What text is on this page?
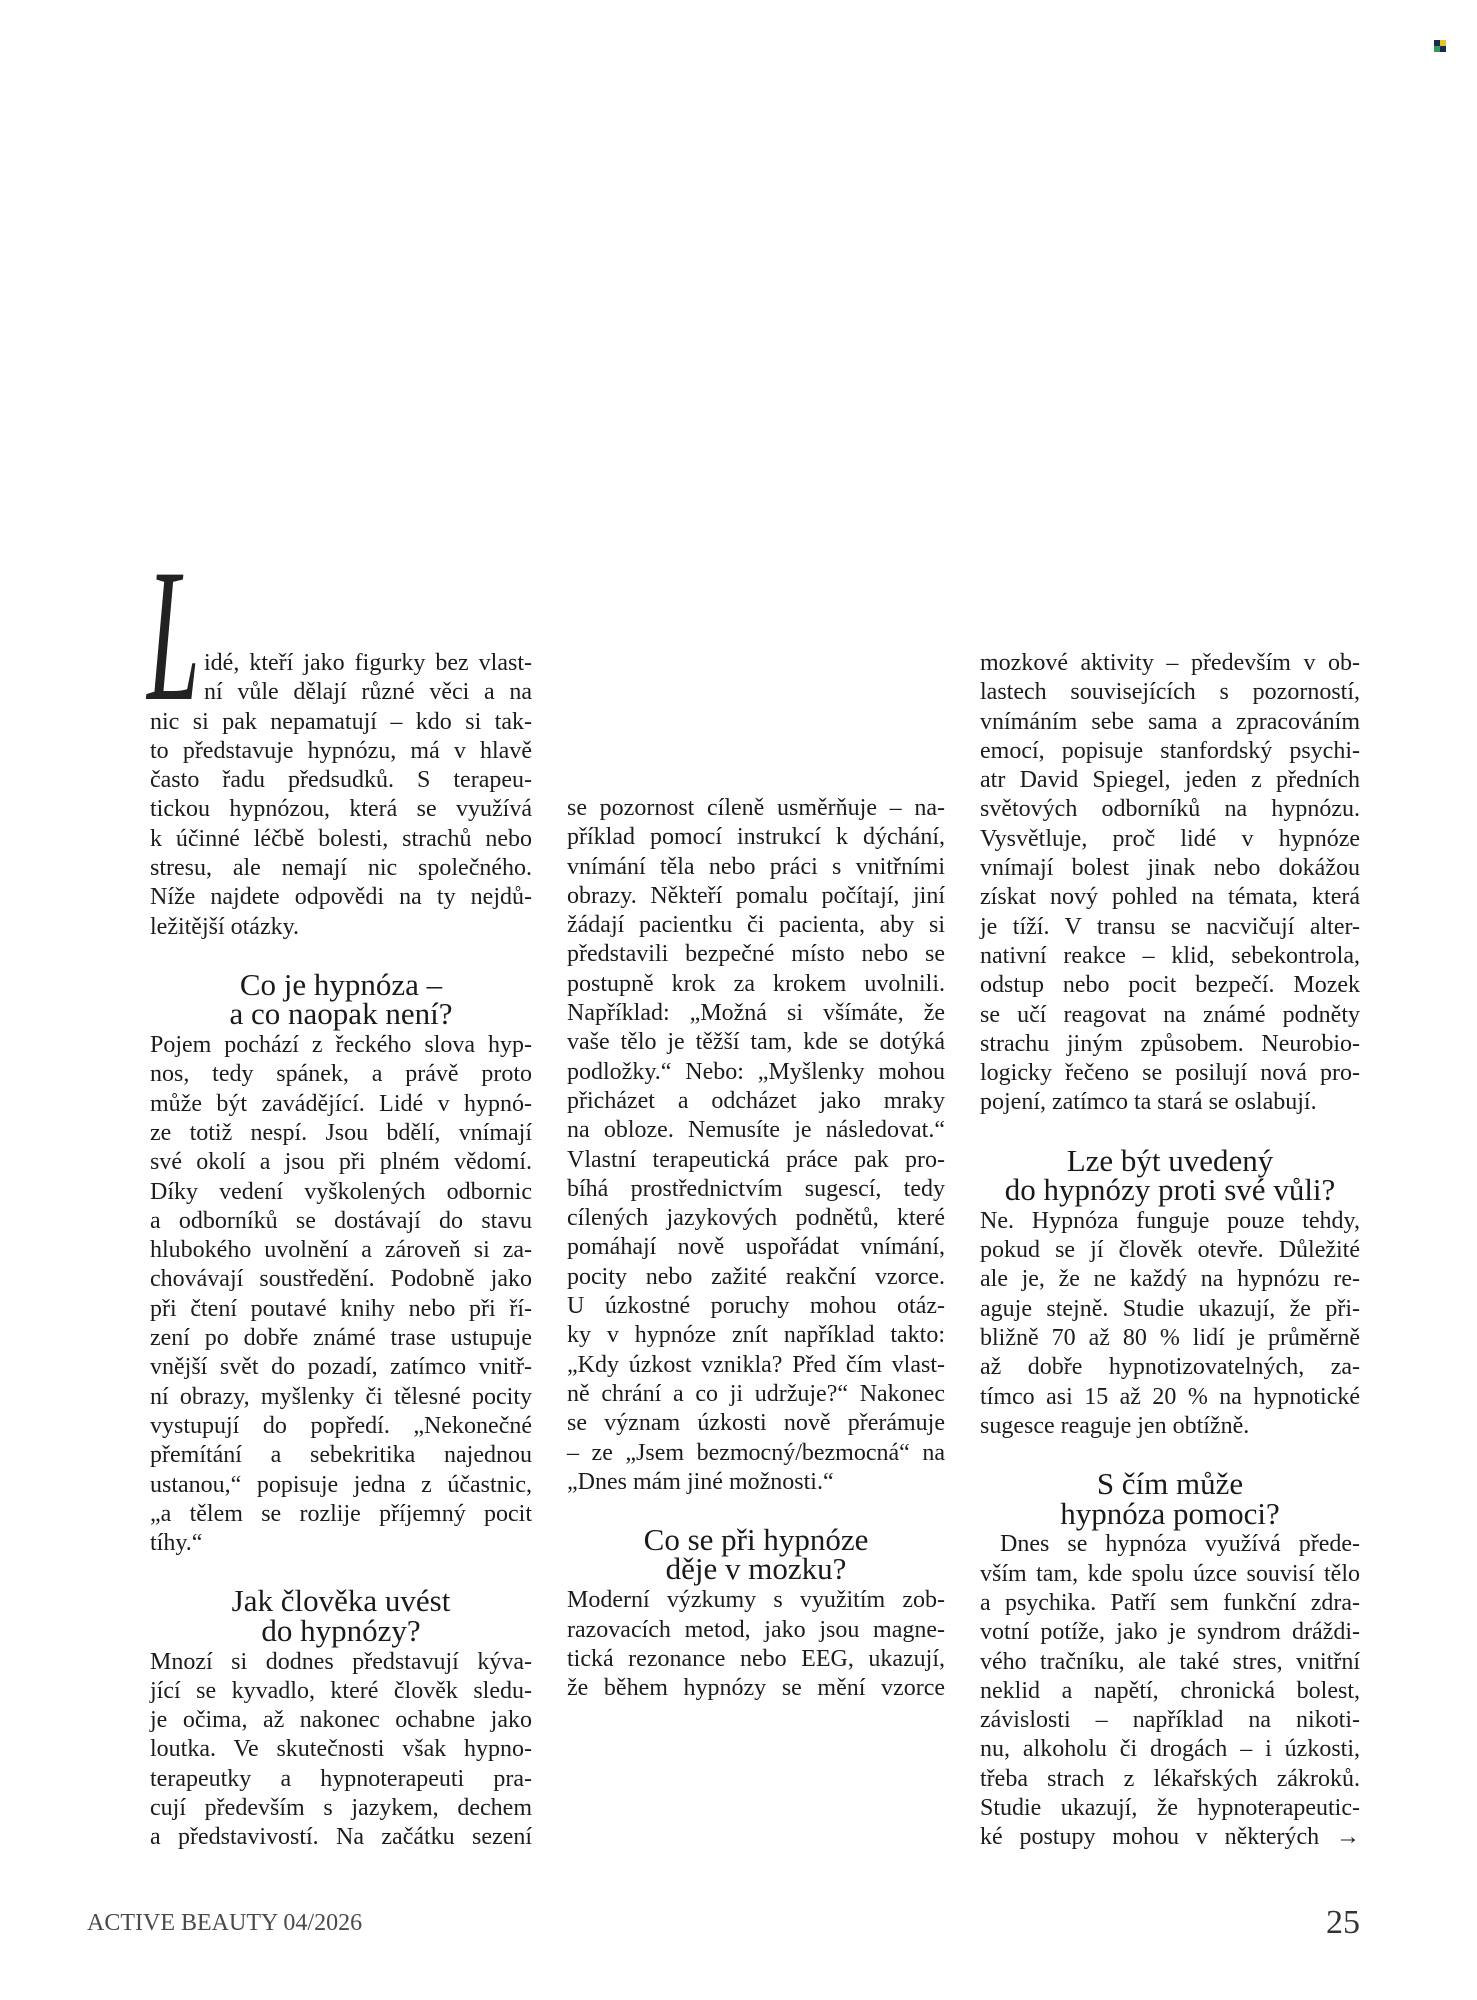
L idé, kteří jako figurky bez vlast-
ní vůle dělají různé věci a na
nic si pak nepamatují – kdo si tak-
to představuje hypnózu, má v hlavě
často řadu předsudků. S terapeu-
tickou hypnózou, která se využívá
k účinné léčbě bolesti, strachů nebo
stresu, ale nemají nic společného.
Níže najdete odpovědi na ty nejdů-
ležitější otázky.
Co je hypnóza –
a co naopak není?
Pojem pochází z řeckého slova hyp-
nos, tedy spánek, a právě proto
může být zavádějící. Lidé v hypnó-
ze totiž nespí. Jsou bdělí, vnímají
své okolí a jsou při plném vědomí.
Díky vedení vyškolených odbornic
a odborníků se dostávají do stavu
hlubokého uvolnění a zároveň si za-
chovávají soustředění. Podobně jako
při čtení poutavé knihy nebo při ří-
zení po dobře známé trase ustupuje
vnější svět do pozadí, zatímco vnitř-
ní obrazy, myšlenky či tělesné pocity
vystupují do popředí. „Nekonečné
přemítání a sebekritika najednou
ustanou,“ popisuje jedna z účastnic,
„a tělem se rozlije příjemný pocit
tíhy.“
Jak člověka uvést
do hypnózy?
Mnozí si dodnes představují kýva-
jící se kyvadlo, které člověk sledu-
je očima, až nakonec ochabne jako
loutka. Ve skutečnosti však hypno-
terapeutky a hypnoterapeuti pra-
cují především s jazykem, dechem
a představivostí. Na začátku sezení
se pozornost cíleně usměrňuje – na-
příklad pomocí instrukcí k dýchání,
vnímání těla nebo práci s vnitřními
obrazy. Někteří pomalu počítají, jiní
žádají pacientku či pacienta, aby si
představili bezpečné místo nebo se
postupně krok za krokem uvolnili.
Například: „Možná si všímáte, že
vaše tělo je těžší tam, kde se dotýká
podložky.“ Nebo: „Myšlenky mohou
přicházet a odcházet jako mraky
na obloze. Nemusíte je následovat.“
Vlastní terapeutická práce pak pro-
bíhá prostřednictvím sugescí, tedy
cílených jazykových podnětů, které
pomáhají nově uspořádat vnímání,
pocity nebo zažité reakční vzorce.
U úzkostné poruchy mohou otáz-
ky v hypnóze znít například takto:
„Kdy úzkost vznikla? Před čím vlast-
ně chrání a co ji udržuje?“ Nakonec
se význam úzkosti nově přerámuje
– ze „Jsem bezmocný/bezmocná“ na
„Dnes mám jiné možnosti.“
Co se při hypnóze
děje v mozku?
Moderní výzkumy s využitím zob-
razovacích metod, jako jsou magne-
tická rezonance nebo EEG, ukazují,
že během hypnózy se mění vzorce
mozkové aktivity – především v ob-
lastech souvisejících s pozorností,
vnímáním sebe sama a zpracováním
emocí, popisuje stanfordský psychi-
atr David Spiegel, jeden z předních
světových odborníků na hypnózu.
Vysvětluje, proč lidé v hypnóze
vnímají bolest jinak nebo dokážou
získat nový pohled na témata, která
je tíží. V transu se nacvičují alter-
nativní reakce – klid, sebekontrola,
odstup nebo pocit bezpečí. Mozek
se učí reagovat na známé podněty
strachu jiným způsobem. Neurobio-
logicky řečeno se posilují nová pro-
pojení, zatímco ta stará se oslabují.
Lze být uvedený
do hypnózy proti své vůli?
Ne. Hypnóza funguje pouze tehdy,
pokud se jí člověk otevře. Důležité
ale je, že ne každý na hypnózu re-
aguje stejně. Studie ukazují, že při-
bližně 70 až 80 % lidí je průměrně
až dobře hypnotizovatelných, za-
tímco asi 15 až 20 % na hypnotické
sugesce reaguje jen obtížně.
S čím může
hypnóza pomoci?
Dnes se hypnóza využívá přede-
vším tam, kde spolu úzce souvisí tělo
a psychika. Patří sem funkční zdra-
votní potíže, jako je syndrom dráždi-
vého tračníku, ale také stres, vnitřní
neklid a napětí, chronická bolest,
závislosti – například na nikoti-
nu, alkoholu či drogách – i úzkosti,
třeba strach z lékařských zákroků.
Studie ukazují, že hypnoterapeutic-
ké postupy mohou v některých →
ACTIVE BEAUTY 04/2026	25
